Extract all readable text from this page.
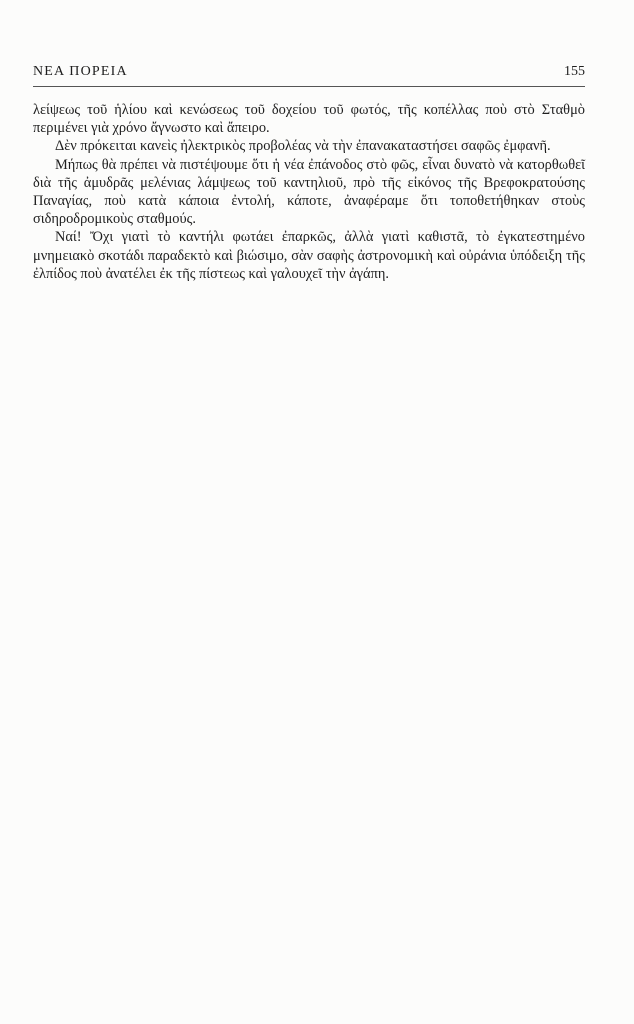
ΝΕΑ ΠΟΡΕΙΑ	155

λείψεως τοῦ ἡλίου καὶ κενώσεως τοῦ δοχείου τοῦ φωτός, τῆς κοπέλλας ποὺ στὸ Σταθμὸ περιμένει γιὰ χρόνο ἄγνωστο καὶ ἄπειρο.

Δὲν πρόκειται κανεὶς ἠλεκτρικὸς προβολέας νὰ τὴν ἐπανακαταστήσει σαφῶς ἐμφανῆ.

Μήπως θὰ πρέπει νὰ πιστέψουμε ὅτι ἡ νέα ἐπάνοδος στὸ φῶς, εἶναι δυνατὸ νὰ κατορθωθεῖ διὰ τῆς ἀμυδρᾶς μελένιας λάμψεως τοῦ καντηλιοῦ, πρὸ τῆς εἰκόνος τῆς Βρεφοκρατούσης Παναγίας, ποὺ κατὰ κάποια ἐντολή, κάποτε, ἀναφέραμε ὅτι τοποθετήθηκαν στοὺς σιδηροδρομικοὺς σταθμούς.

Ναί! Ὄχι γιατὶ τὸ καντήλι φωτάει ἐπαρκῶς, ἀλλὰ γιατὶ καθιστᾶ, τὸ ἐγκατεστημένο μνημειακὸ σκοτάδι παραδεκτὸ καὶ βιώσιμο, σὰν σαφὴς ἀστρονομικὴ καὶ οὐράνια ὑπόδειξη τῆς ἐλπίδος ποὺ ἀνατέλει ἐκ τῆς πίστεως καὶ γαλουχεῖ τὴν ἀγάπη.
